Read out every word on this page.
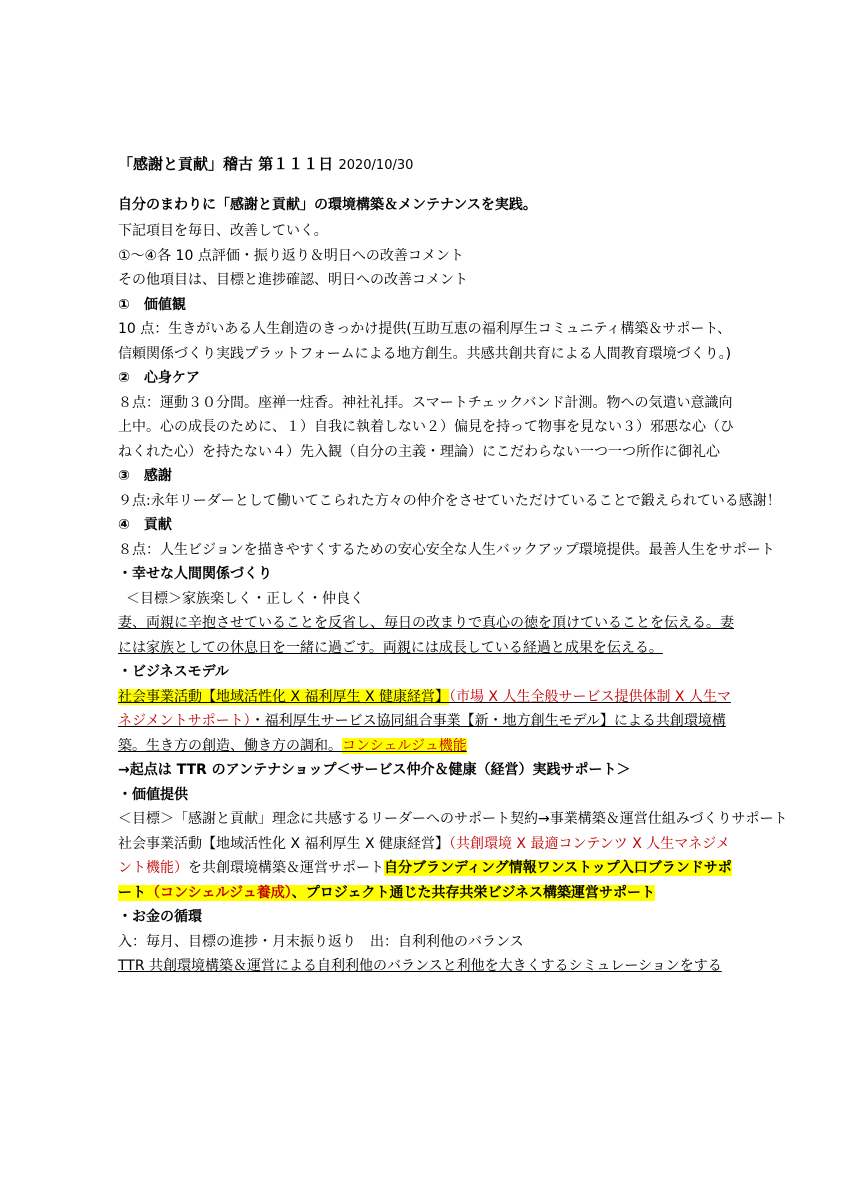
「感謝と貢献」稽古 第１１１日 2020/10/30

自分のまわりに「感謝と貢献」の環境構築＆メンテナンスを実践。

下記項目を毎日、改善していく。

①～④各 10 点評価・振り返り＆明日への改善コメント

その他項目は、目標と進捗確認、明日への改善コメント

①　価値観

10 点：生きがいある人生創造のきっかけ提供(互助互恵の福利厚生コミュニティ構築＆サポート、信頼関係づくり実践プラットフォームによる地方創生。共感共創共育による人間教育環境づくり。)

②　心身ケア

８点：運動３０分間。座禅一炷香。神社礼拝。スマートチェックバンド計測。物への気遣い意識向上中。心の成長のために、１）自我に執着しない２）偏見を持って物事を見ない３）邪悪な心（ひねくれた心）を持たない４）先入観（自分の主義・理論）にこだわらない一つ一つ所作に御礼心

③　感謝

９点:永年リーダーとして働いてこられた方々の仲介をさせていただけていることで鍛えられている感謝！

④　貢献

８点：人生ビジョンを描きやすくするための安心安全な人生バックアップ環境提供。最善人生をサポート

・幸せな人間関係づくり

＜目標＞家族楽しく・正しく・仲良く

妻、両親に辛抱させていることを反省し、毎日の改まりで真心の徳を頂けていることを伝える。妻には家族としての休息日を一緒に過ごす。両親には成長している経過と成果を伝える。

・ビジネスモデル

社会事業活動【地域活性化 X 福利厚生 X 健康経営】（市場 X 人生全般サービス提供体制 X 人生マネジメントサポート）・福利厚生サービス協同組合事業【新・地方創生モデル】による共創環境構築。生き方の創造、働き方の調和。コンシェルジュ機能

→起点は TTR のアンテナショップ＜サービス仲介＆健康（経営）実践サポート＞

・価値提供

＜目標＞「感謝と貢献」理念に共感するリーダーへのサポート契約→事業構築＆運営仕組みづくりサポート

社会事業活動【地域活性化 X 福利厚生 X 健康経営】（共創環境 X 最適コンテンツ X 人生マネジメント機能）を共創環境構築＆運営サポート自分ブランディング情報ワンストップ入口ブランドサポート（コンシェルジュ養成）、プロジェクト通じた共存共栄ビジネス構築運営サポート

・お金の循環

入：毎月、目標の進捗・月末振り返り　出：自利利他のバランス

TTR 共創環境構築＆運営による自利利他のバランスと利他を大きくするシミュレーションをする
